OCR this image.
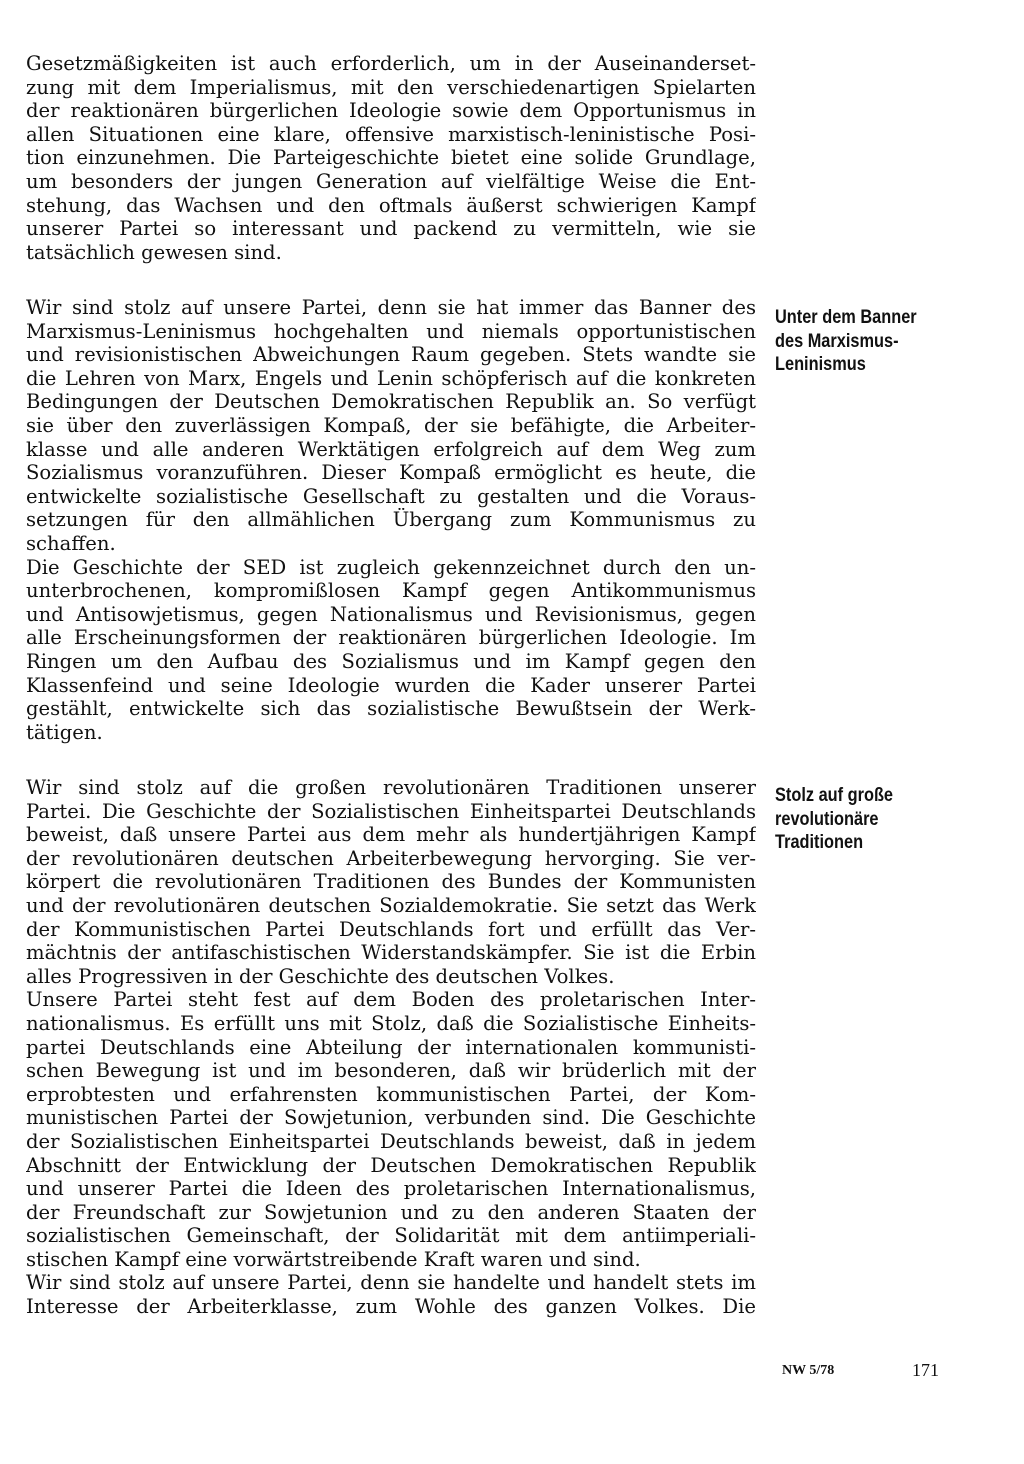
Gesetzmäßigkeiten ist auch erforderlich, um in der Auseinanderset-
zung mit dem Imperialismus, mit den verschiedenartigen Spielarten
der reaktionären bürgerlichen Ideologie sowie dem Opportunismus in
allen Situationen eine klare, offensive marxistisch-leninistische Posi-
tion einzunehmen. Die Parteigeschichte bietet eine solide Grundlage,
um besonders der jungen Generation auf vielfältige Weise die Ent-
stehung, das Wachsen und den oftmals äußerst schwierigen Kampf
unserer Partei so interessant und packend zu vermitteln, wie sie
tatsächlich gewesen sind.
Wir sind stolz auf unsere Partei, denn sie hat immer das Banner des
Marxismus-Leninismus hochgehalten und niemals opportunistischen
und revisionistischen Abweichungen Raum gegeben. Stets wandte sie
die Lehren von Marx, Engels und Lenin schöpferisch auf die konkreten
Bedingungen der Deutschen Demokratischen Republik an. So verfügt
sie über den zuverlässigen Kompaß, der sie befähigte, die Arbeiter-
klasse und alle anderen Werktätigen erfolgreich auf dem Weg zum
Sozialismus voranzuführen. Dieser Kompaß ermöglicht es heute, die
entwickelte sozialistische Gesellschaft zu gestalten und die Voraus-
setzungen für den allmählichen Übergang zum Kommunismus zu
schaffen.
Die Geschichte der SED ist zugleich gekennzeichnet durch den un-
unterbrochenen, kompromißlosen Kampf gegen Antikommunismus
und Antisowjetismus, gegen Nationalismus und Revisionismus, gegen
alle Erscheinungsformen der reaktionären bürgerlichen Ideologie. Im
Ringen um den Aufbau des Sozialismus und im Kampf gegen den
Klassenfeind und seine Ideologie wurden die Kader unserer Partei
gestählt, entwickelte sich das sozialistische Bewußtsein der Werk-
tätigen.
Wir sind stolz auf die großen revolutionären Traditionen unserer
Partei. Die Geschichte der Sozialistischen Einheitspartei Deutschlands
beweist, daß unsere Partei aus dem mehr als hundertjährigen Kampf
der revolutionären deutschen Arbeiterbewegung hervorging. Sie ver-
körpert die revolutionären Traditionen des Bundes der Kommunisten
und der revolutionären deutschen Sozialdemokratie. Sie setzt das Werk
der Kommunistischen Partei Deutschlands fort und erfüllt das Ver-
mächtnis der antifaschistischen Widerstandskämpfer. Sie ist die Erbin
alles Progressiven in der Geschichte des deutschen Volkes.
Unsere Partei steht fest auf dem Boden des proletarischen Inter-
nationalismus. Es erfüllt uns mit Stolz, daß die Sozialistische Einheits-
partei Deutschlands eine Abteilung der internationalen kommunisti-
schen Bewegung ist und im besonderen, daß wir brüderlich mit der
erprobtesten und erfahrensten kommunistischen Partei, der Kom-
munistischen Partei der Sowjetunion, verbunden sind. Die Geschichte
der Sozialistischen Einheitspartei Deutschlands beweist, daß in jedem
Abschnitt der Entwicklung der Deutschen Demokratischen Republik
und unserer Partei die Ideen des proletarischen Internationalismus,
der Freundschaft zur Sowjetunion und zu den anderen Staaten der
sozialistischen Gemeinschaft, der Solidarität mit dem antiimperiali-
stischen Kampf eine vorwärtstreibende Kraft waren und sind.
Wir sind stolz auf unsere Partei, denn sie handelte und handelt stets im
Interesse der Arbeiterklasse, zum Wohle des ganzen Volkes. Die
Unter dem Banner
des Marxismus-
Leninismus
Stolz auf große
revolutionäre
Traditionen
NW 5/78	171
